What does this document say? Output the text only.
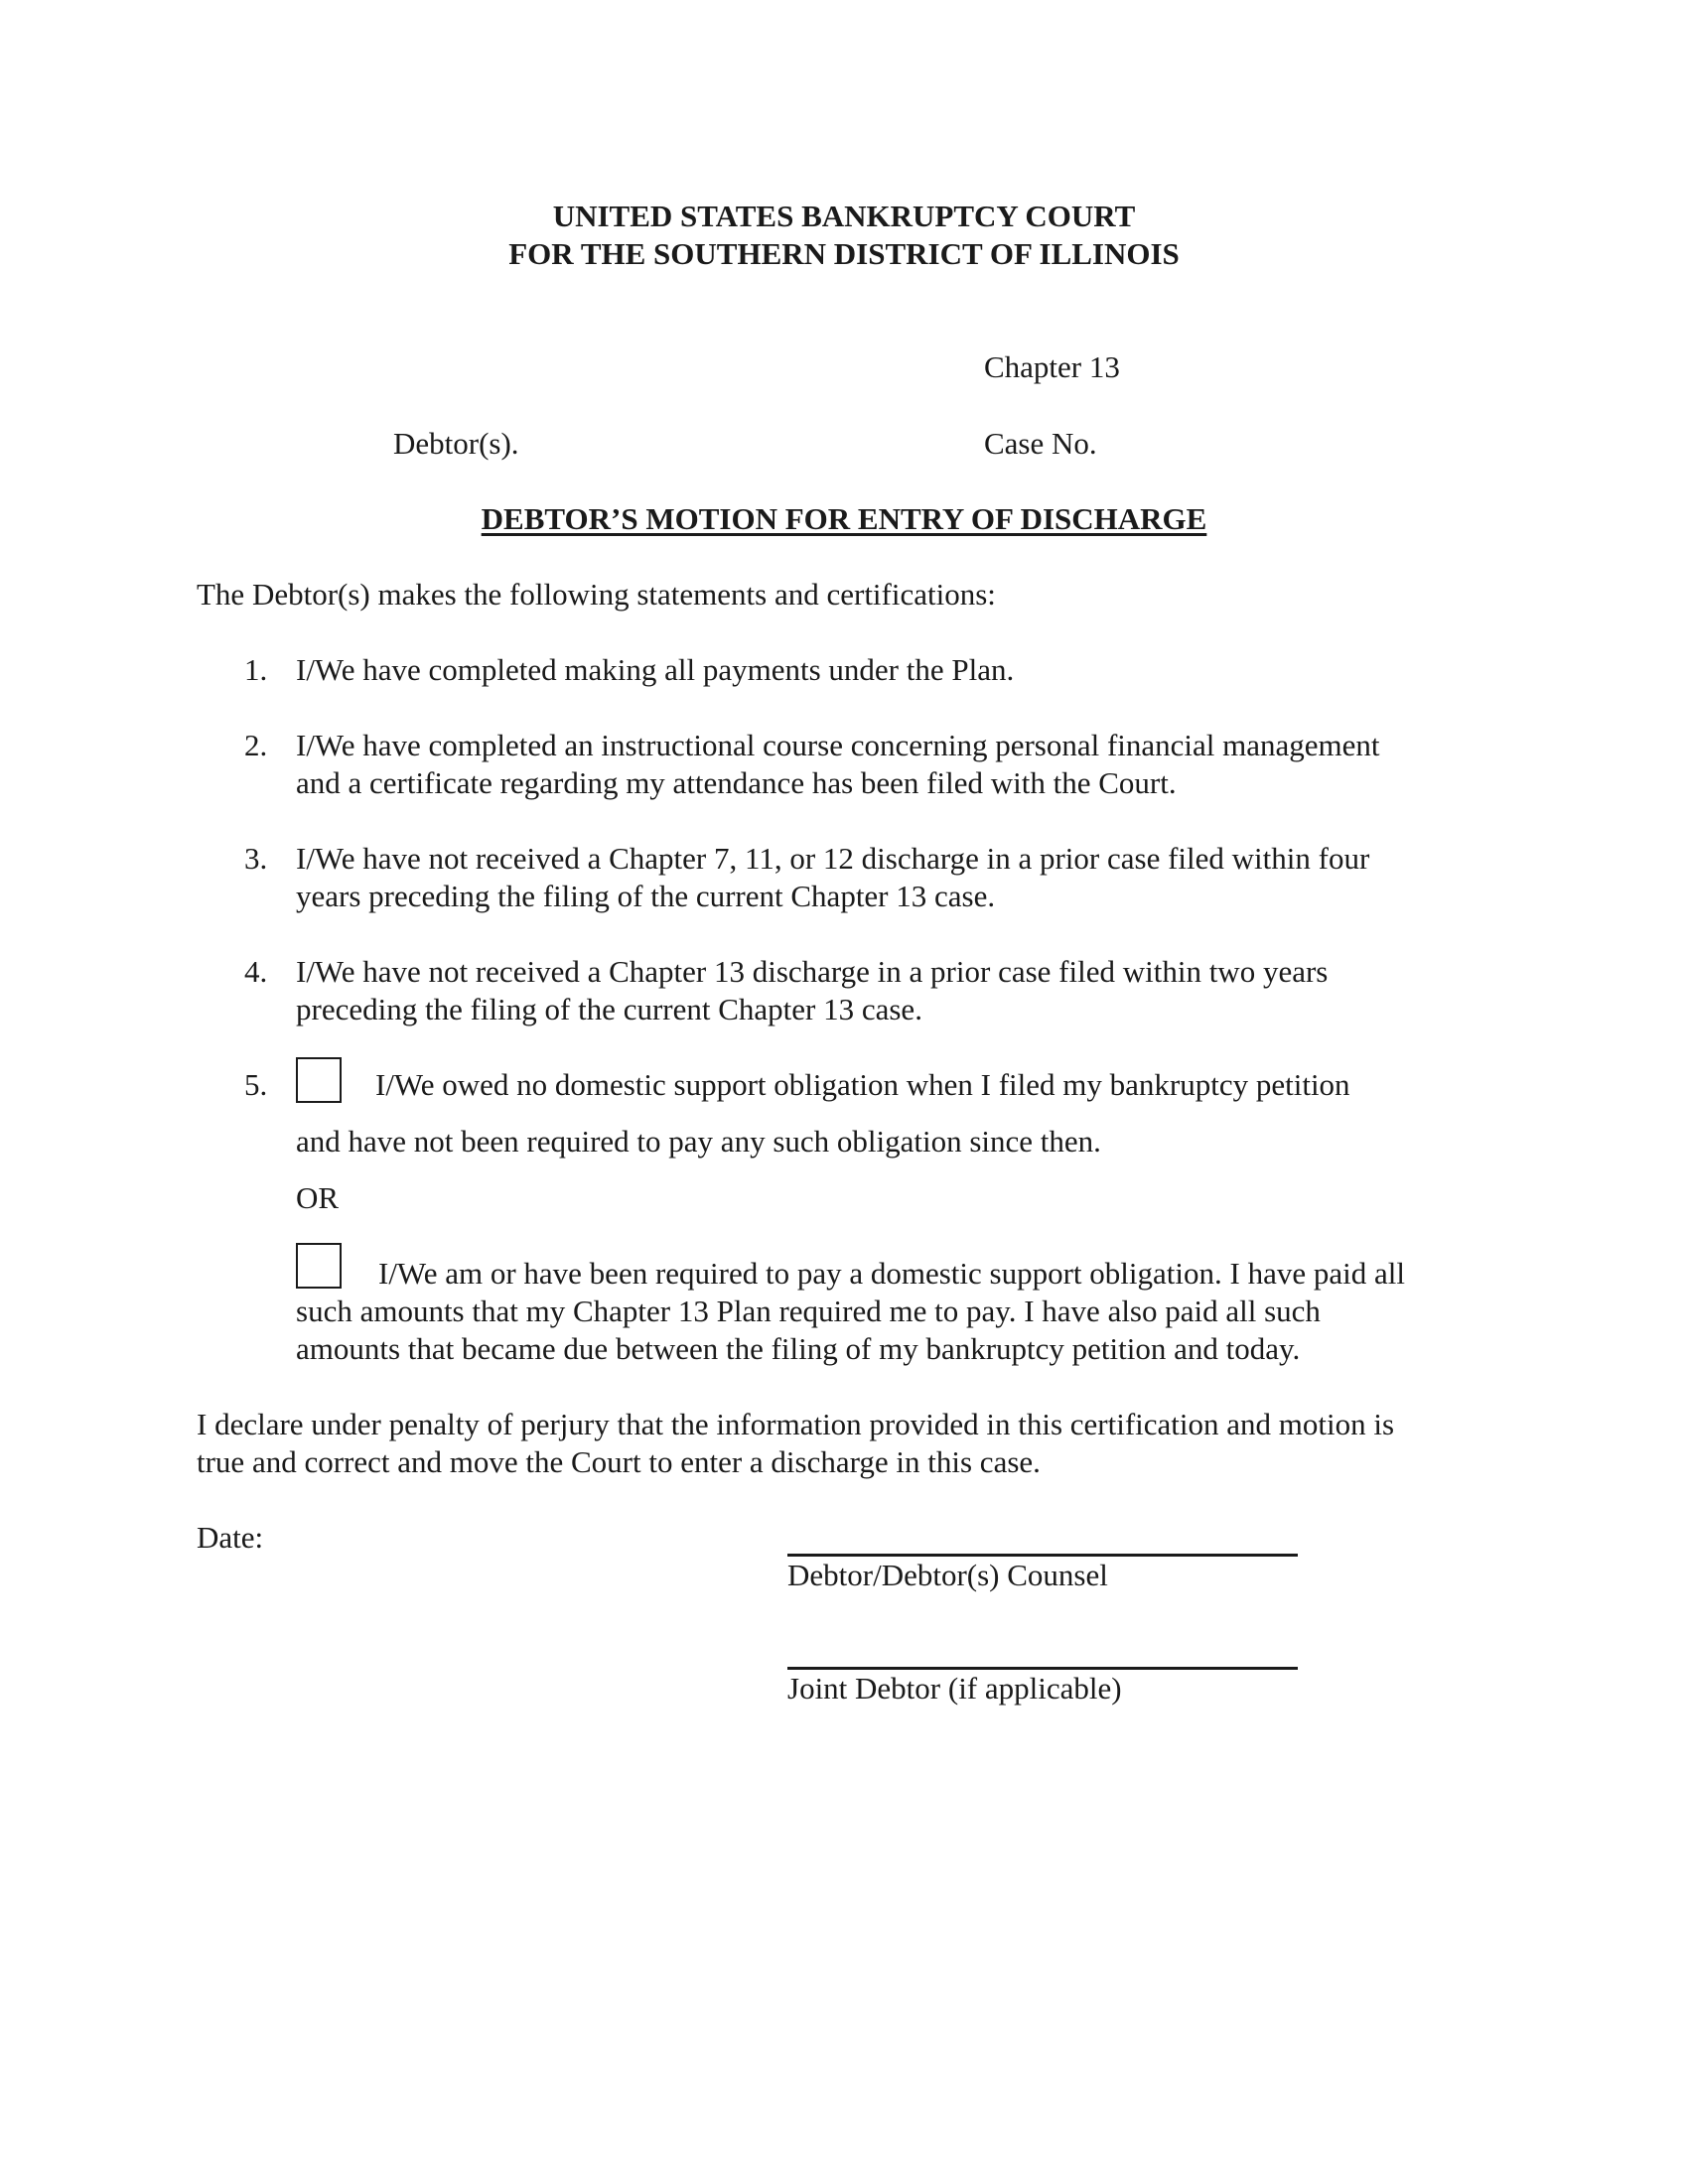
UNITED STATES BANKRUPTCY COURT
FOR THE SOUTHERN DISTRICT OF ILLINOIS
Chapter 13
Debtor(s).	Case No.
DEBTOR’S MOTION FOR ENTRY OF DISCHARGE
The Debtor(s) makes the following statements and certifications:
1. I/We have completed making all payments under the Plan.
2. I/We have completed an instructional course concerning personal financial management
and a certificate regarding my attendance has been filed with the Court.
3. I/We have not received a Chapter 7, 11, or 12 discharge in a prior case filed within four
years preceding the filing of the current Chapter 13 case.
4. I/We have not received a Chapter 13 discharge in a prior case filed within two years
preceding the filing of the current Chapter 13 case.
5.	I/We owed no domestic support obligation when I filed my bankruptcy petition
and have not been required to pay any such obligation since then.
OR
I/We am or have been required to pay a domestic support obligation. I have paid all
such amounts that my Chapter 13 Plan required me to pay. I have also paid all such
amounts that became due between the filing of my bankruptcy petition and today.
I declare under penalty of perjury that the information provided in this certification and motion is
true and correct and move the Court to enter a discharge in this case.
Date:
Debtor/Debtor(s) Counsel
Joint Debtor (if applicable)
